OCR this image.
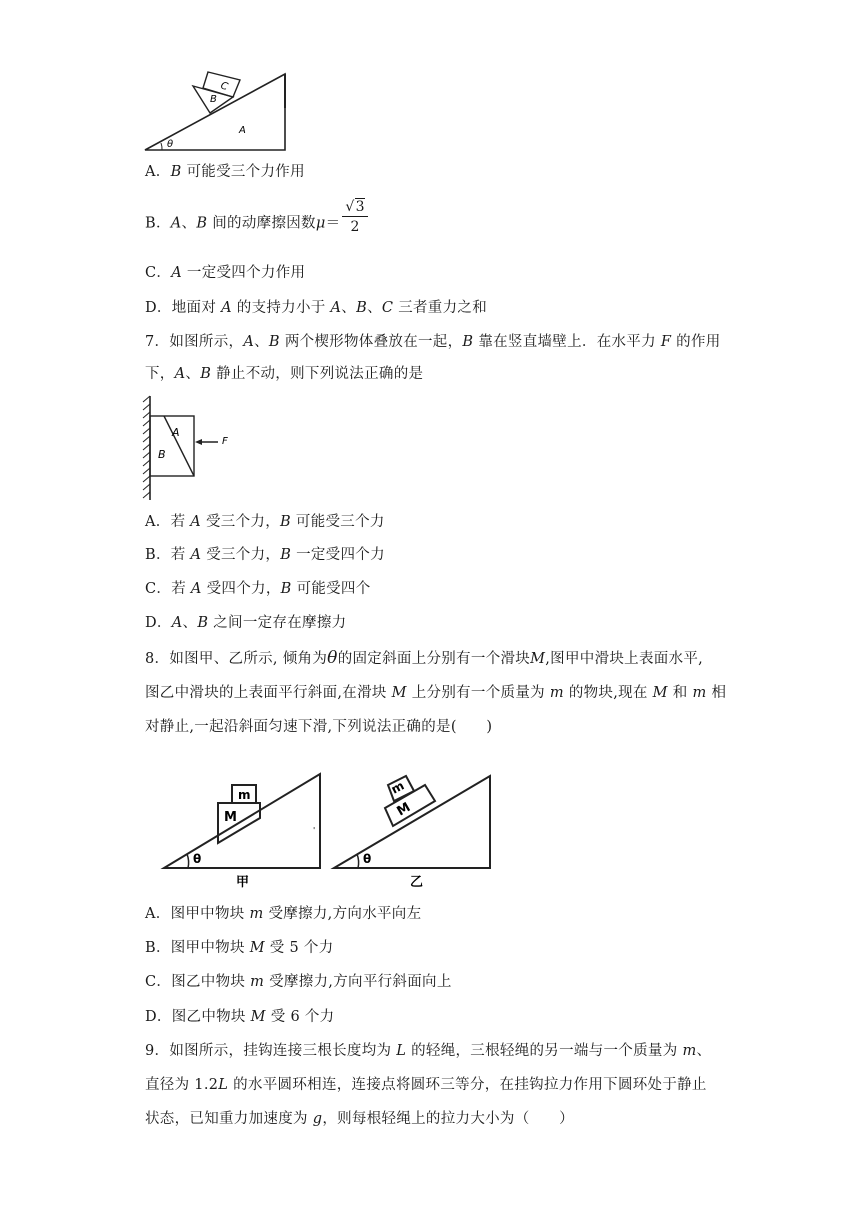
C
B
A
θ
A．B 可能受三个力作用
B．A、B 间的动摩擦因数$\mu= \frac{√3}{2}$
C．A 一定受四个力作用
D．地面对 A 的支持力小于 A、B、C 三者重力之和
7．如图所示，A、B 两个楔形物体叠放在一起，B 靠在竖直墙壁上．在水平力 F 的作用
下，A、B 静止不动，则下列说法正确的是
A
B
F
A．若 A 受三个力，B 可能受三个力
B．若 A 受三个力，B 一定受四个力
C．若 A 受四个力，B 可能受四个
D．A、B 之间一定存在摩擦力
8．如图甲、乙所示, 倾角为θ的固定斜面上分别有一个滑块M,图甲中滑块上表面水平,
图乙中滑块的上表面平行斜面,在滑块 M 上分别有一个质量为 m 的物块,现在 M 和 m 相
对静止,一起沿斜面匀速下滑,下列说法正确的是(　　)
m
M
θ
甲
'
m
M
θ
乙
A．图甲中物块 m 受摩擦力,方向水平向左
B．图甲中物块 M 受 5 个力
C．图乙中物块 m 受摩擦力,方向平行斜面向上
D．图乙中物块 M 受 6 个力
9．如图所示，挂钩连接三根长度均为 L 的轻绳，三根轻绳的另一端与一个质量为 m、
直径为 1.2L 的水平圆环相连，连接点将圆环三等分，在挂钩拉力作用下圆环处于静止
状态，已知重力加速度为 g，则每根轻绳上的拉力大小为（　　）
